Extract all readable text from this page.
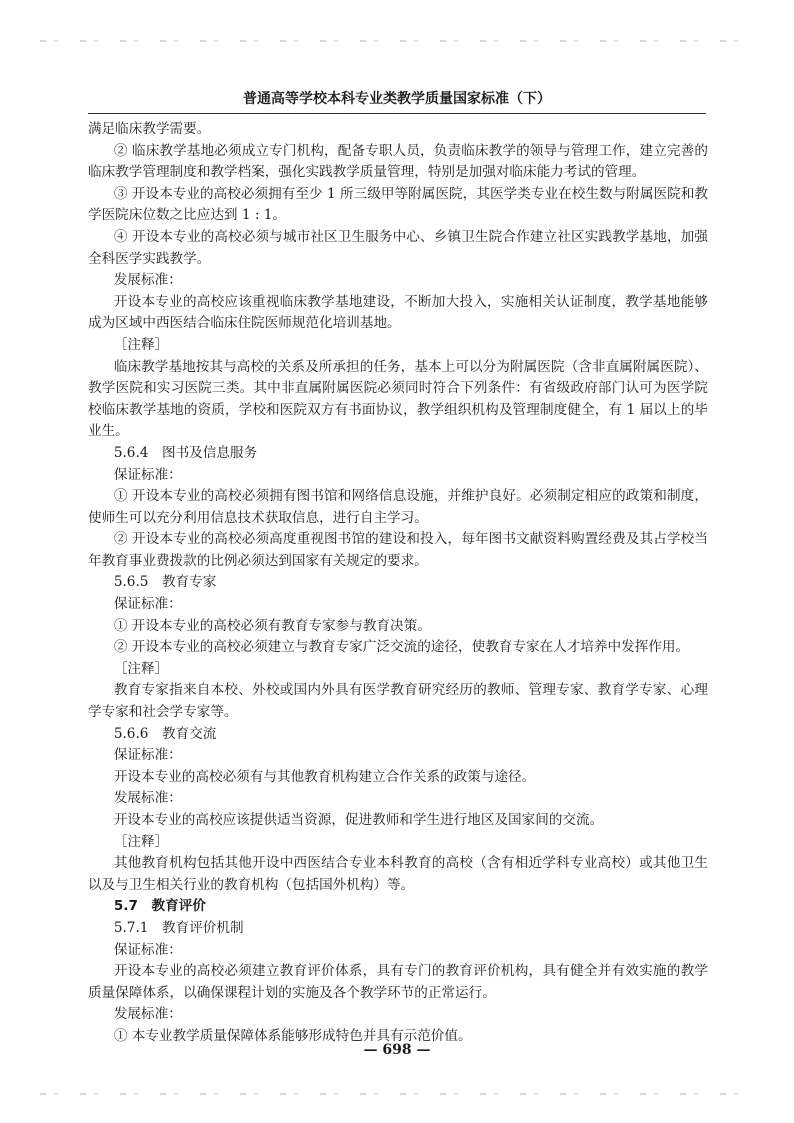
普通高等学校本科专业类教学质量国家标准（下）

满足临床教学需要。

② 临床教学基地必须成立专门机构，配备专职人员，负责临床教学的领导与管理工作，建立完善的临床教学管理制度和教学档案，强化实践教学质量管理，特别是加强对临床能力考试的管理。

③ 开设本专业的高校必须拥有至少 1 所三级甲等附属医院，其医学类专业在校生数与附属医院和教学医院床位数之比应达到 1 : 1。

④ 开设本专业的高校必须与城市社区卫生服务中心、乡镇卫生院合作建立社区实践教学基地，加强全科医学实践教学。

发展标准：

开设本专业的高校应该重视临床教学基地建设，不断加大投入，实施相关认证制度，教学基地能够成为区域中西医结合临床住院医师规范化培训基地。

［注释］

临床教学基地按其与高校的关系及所承担的任务，基本上可以分为附属医院（含非直属附属医院）、教学医院和实习医院三类。其中非直属附属医院必须同时符合下列条件：有省级政府部门认可为医学院校临床教学基地的资质，学校和医院双方有书面协议，教学组织机构及管理制度健全，有 1 届以上的毕业生。

5.6.4　图书及信息服务

保证标准：

① 开设本专业的高校必须拥有图书馆和网络信息设施，并维护良好。必须制定相应的政策和制度，使师生可以充分利用信息技术获取信息，进行自主学习。

② 开设本专业的高校必须高度重视图书馆的建设和投入，每年图书文献资料购置经费及其占学校当年教育事业费拨款的比例必须达到国家有关规定的要求。

5.6.5　教育专家

保证标准：

① 开设本专业的高校必须有教育专家参与教育决策。

② 开设本专业的高校必须建立与教育专家广泛交流的途径，使教育专家在人才培养中发挥作用。

［注释］

教育专家指来自本校、外校或国内外具有医学教育研究经历的教师、管理专家、教育学专家、心理学专家和社会学专家等。

5.6.6　教育交流

保证标准：

开设本专业的高校必须有与其他教育机构建立合作关系的政策与途径。

发展标准：

开设本专业的高校应该提供适当资源，促进教师和学生进行地区及国家间的交流。

［注释］

其他教育机构包括其他开设中西医结合专业本科教育的高校（含有相近学科专业高校）或其他卫生以及与卫生相关行业的教育机构（包括国外机构）等。

5.7　教育评价

5.7.1　教育评价机制

保证标准：

开设本专业的高校必须建立教育评价体系，具有专门的教育评价机构，具有健全并有效实施的教学质量保障体系，以确保课程计划的实施及各个教学环节的正常运行。

发展标准：

① 本专业教学质量保障体系能够形成特色并具有示范价值。

— 698 —
